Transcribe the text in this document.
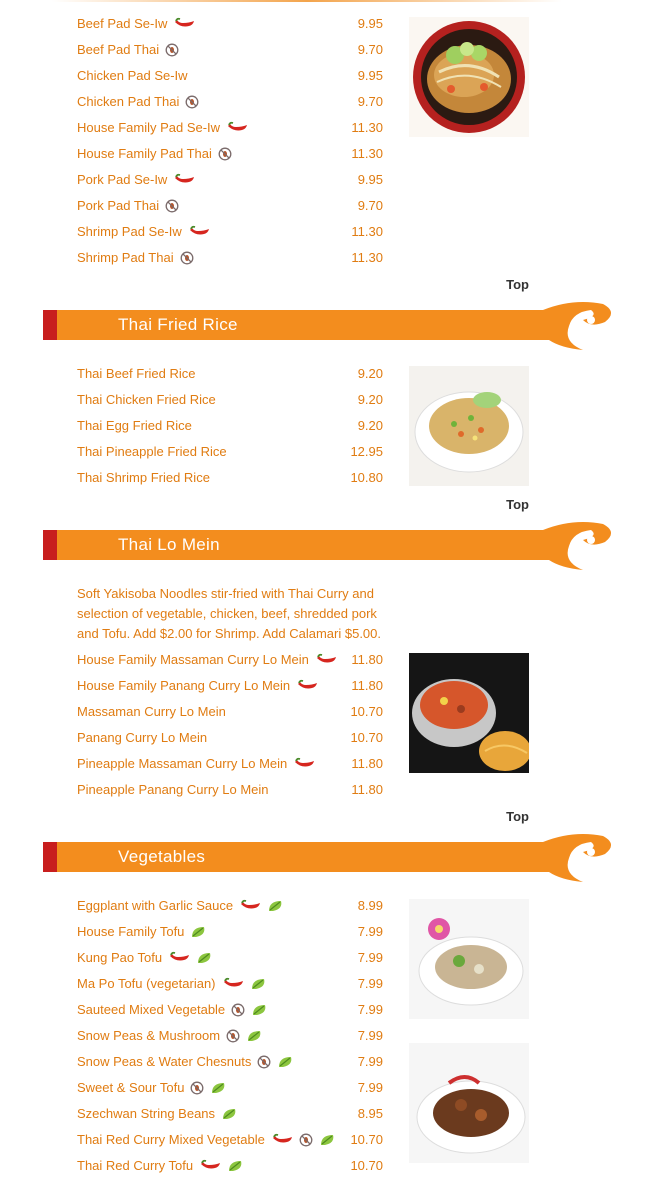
Top
Thai Fried Rice
Top
Thai Lo Mein
Soft Yakisoba Noodles stir-fried with Thai Curry and selection of vegetable, chicken, beef, shredded pork and Tofu. Add $2.00 for Shrimp. Add Calamari $5.00.
Top
Vegetables
Beef Pad Se-Iw	9.95
Beef Pad Thai	9.70
Chicken Pad Se-Iw	9.95
Chicken Pad Thai	9.70
House Family Pad Se-Iw	11.30
House Family Pad Thai	11.30
Pork Pad Se-Iw	9.95
Pork Pad Thai	9.70
Shrimp Pad Se-Iw	11.30
Shrimp Pad Thai	11.30
Thai Beef Fried Rice	9.20
Thai Chicken Fried Rice	9.20
Thai Egg Fried Rice	9.20
Thai Pineapple Fried Rice	12.95
Thai Shrimp Fried Rice	10.80
House Family Massaman Curry Lo Mein	11.80
House Family Panang Curry Lo Mein	11.80
Massaman Curry Lo Mein	10.70
Panang Curry Lo Mein	10.70
Pineapple Massaman Curry Lo Mein	11.80
Pineapple Panang Curry Lo Mein	11.80
Eggplant with Garlic Sauce	8.99
House Family Tofu	7.99
Kung Pao Tofu	7.99
Ma Po Tofu (vegetarian)	7.99
Sauteed Mixed Vegetable	7.99
Snow Peas & Mushroom	7.99
Snow Peas & Water Chesnuts	7.99
Sweet & Sour Tofu	7.99
Szechwan String Beans	8.95
Thai Red Curry Mixed Vegetable	10.70
Thai Red Curry Tofu	10.70
